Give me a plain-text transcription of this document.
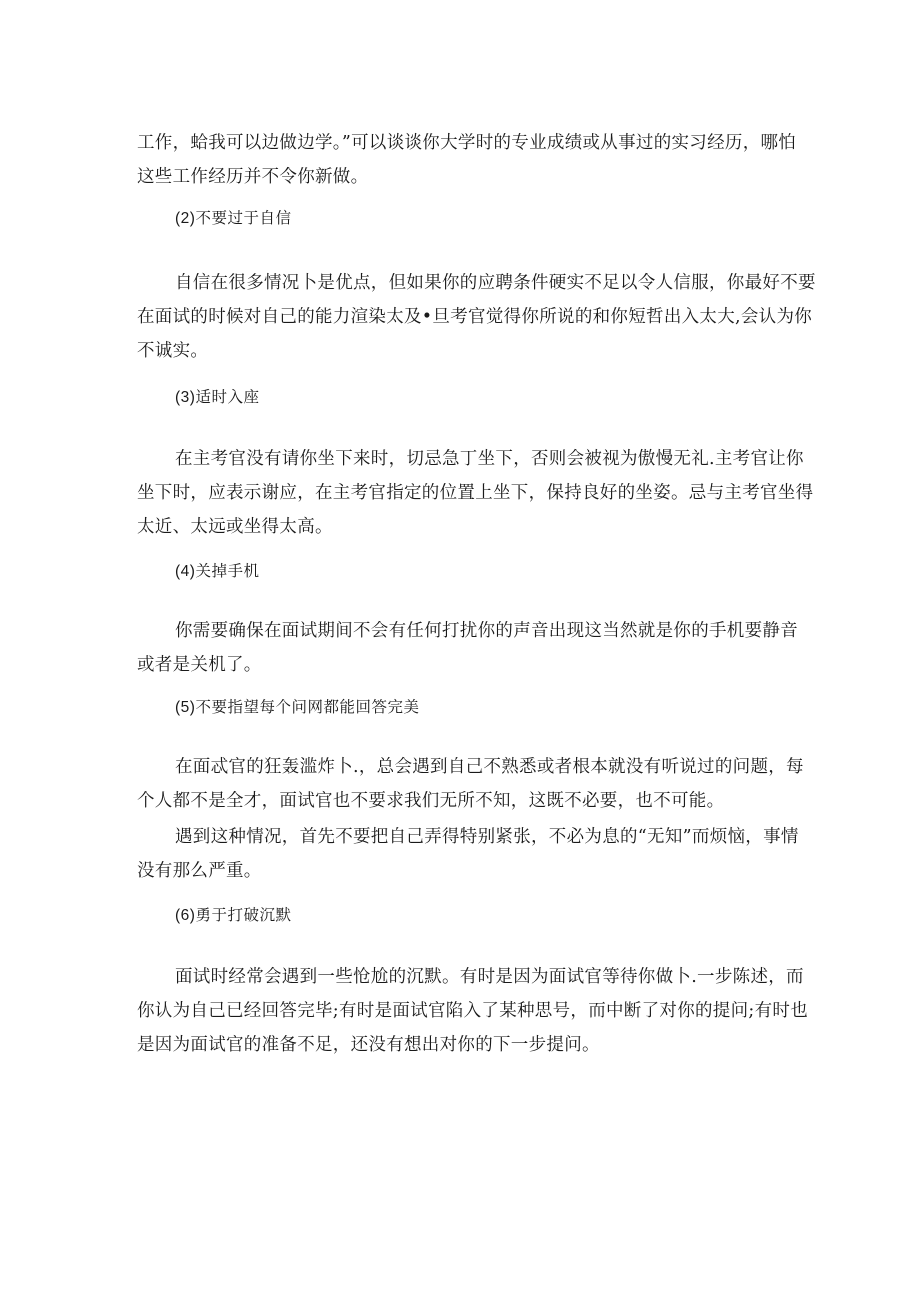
工作，蛤我可以边做边学。”可以谈谈你大学时的专业成绩或从事过的实习经历，哪怕
这些工作经历并不令你新做。

(2)不要过于自信

自信在很多情况卜是优点，但如果你的应聘条件硬实不足以令人信服，你最好不要
在面试的时候对自己的能力渲染太及•旦考官觉得你所说的和你短哲出入太大,会认为你
不诚实。

(3)适时入座

在主考官没有请你坐下来时，切忌急丁坐下，否则会被视为傲慢无礼.主考官让你
坐下时，应表示谢应，在主考官指定的位置上坐下，保持良好的坐姿。忌与主考官坐得
太近、太远或坐得太高。

(4)关掉手机

你需要确保在面试期间不会有任何打扰你的声音出现这当然就是你的手机要静音
或者是关机了。

(5)不要指望每个问网都能回答完美

在面忒官的狂轰滥炸卜.，总会遇到自己不熟悉或者根本就没有听说过的问题，每
个人都不是全才，面试官也不要求我们无所不知，这既不必要，也不可能。

遇到这种情况，首先不要把自己弄得特别紧张，不必为息的“无知”而烦恼，事情
没有那么严重。

(6)勇于打破沉默

面试时经常会遇到一些怆尬的沉默。有时是因为面试官等待你做卜.一步陈述，而
你认为自己已经回答完毕;有时是面试官陷入了某种思号，而中断了对你的提问;有时也
是因为面试官的准备不足，还没有想出对你的下一步提问。
